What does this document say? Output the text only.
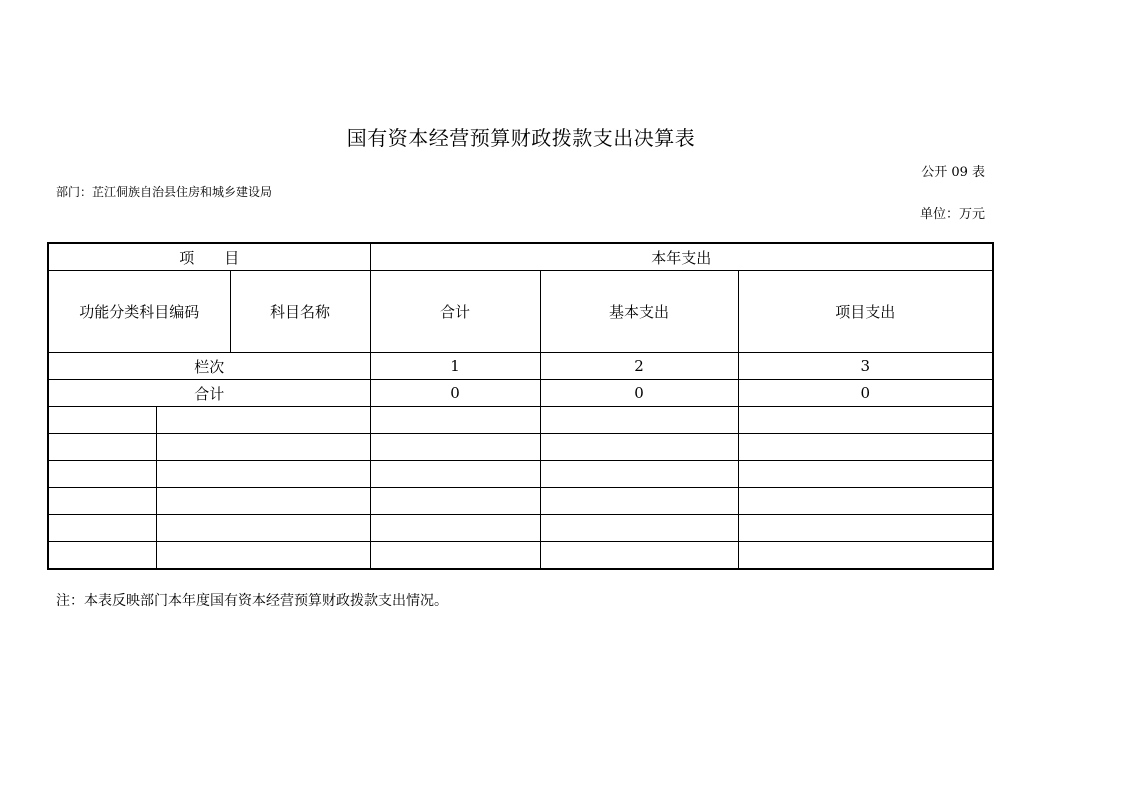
国有资本经营预算财政拨款支出决算表
公开 09 表
部门：芷江侗族自治县住房和城乡建设局
单位：万元
项　　目			本年支出		
功能分类科目编码		科目名称	合计	基本支出	项目支出
栏次			1	2	3
合计			0	0	0

注：本表反映部门本年度国有资本经营预算财政拨款支出情况。
